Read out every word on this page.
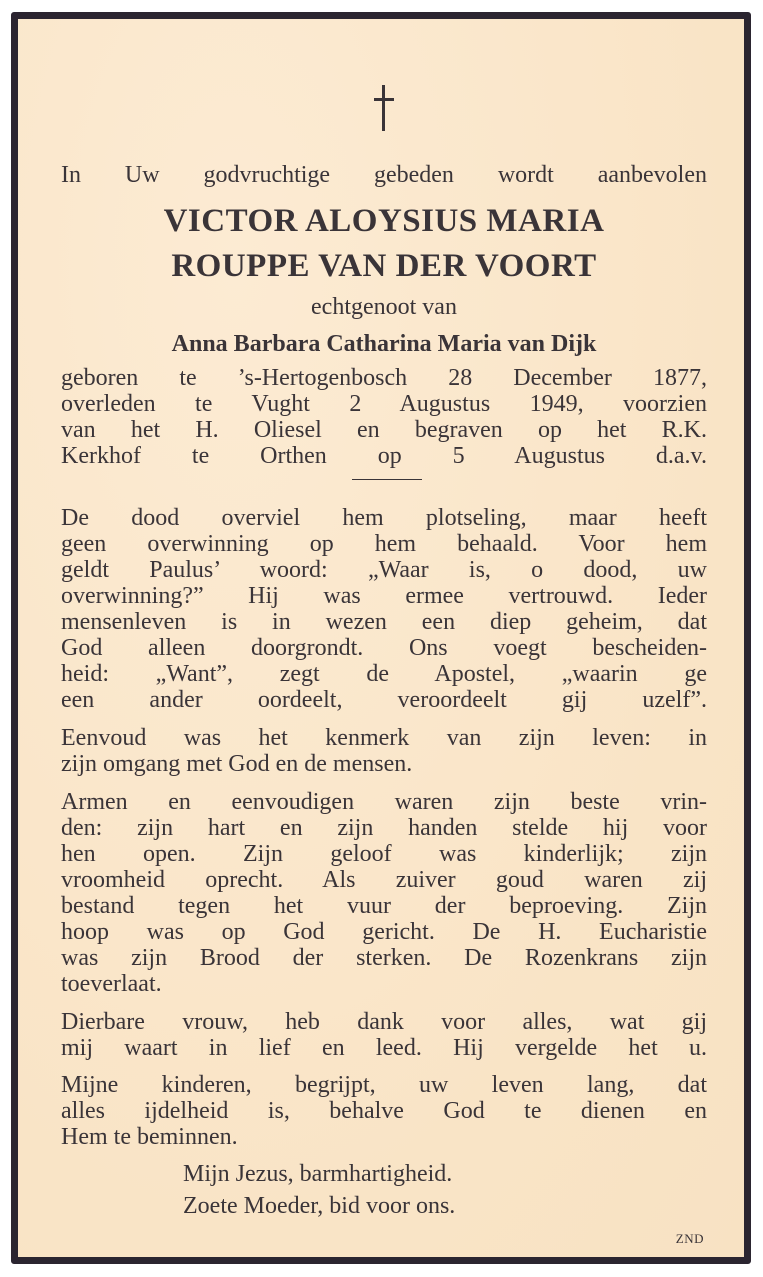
In Uw godvruchtige gebeden wordt aanbevolen
VICTOR ALOYSIUS MARIA
ROUPPE VAN DER VOORT
echtgenoot van
Anna Barbara Catharina Maria van Dijk
geboren te ’s-Hertogenbosch 28 December 1877,
overleden te Vught 2 Augustus 1949, voorzien
van het H. Oliesel en begraven op het R.K.
Kerkhof te Orthen op 5 Augustus d.a.v.
De dood overviel hem plotseling, maar heeft
geen overwinning op hem behaald. Voor hem
geldt Paulus’ woord: „Waar is, o dood, uw
overwinning?” Hij was ermee vertrouwd. Ieder
mensenleven is in wezen een diep geheim, dat
God alleen doorgrondt. Ons voegt bescheiden-
heid: „Want”, zegt de Apostel, „waarin ge
een ander oordeelt, veroordeelt gij uzelf”.
Eenvoud was het kenmerk van zijn leven: in
zijn omgang met God en de mensen.
Armen en eenvoudigen waren zijn beste vrin-
den: zijn hart en zijn handen stelde hij voor
hen open. Zijn geloof was kinderlijk; zijn
vroomheid oprecht. Als zuiver goud waren zij
bestand tegen het vuur der beproeving. Zijn
hoop was op God gericht. De H. Eucharistie
was zijn Brood der sterken. De Rozenkrans zijn
toeverlaat.
Dierbare vrouw, heb dank voor alles, wat gij
mij waart in lief en leed. Hij vergelde het u.
Mijne kinderen, begrijpt, uw leven lang, dat
alles ijdelheid is, behalve God te dienen en
Hem te beminnen.
Mijn Jezus, barmhartigheid.
Zoete Moeder, bid voor ons.
ZND
